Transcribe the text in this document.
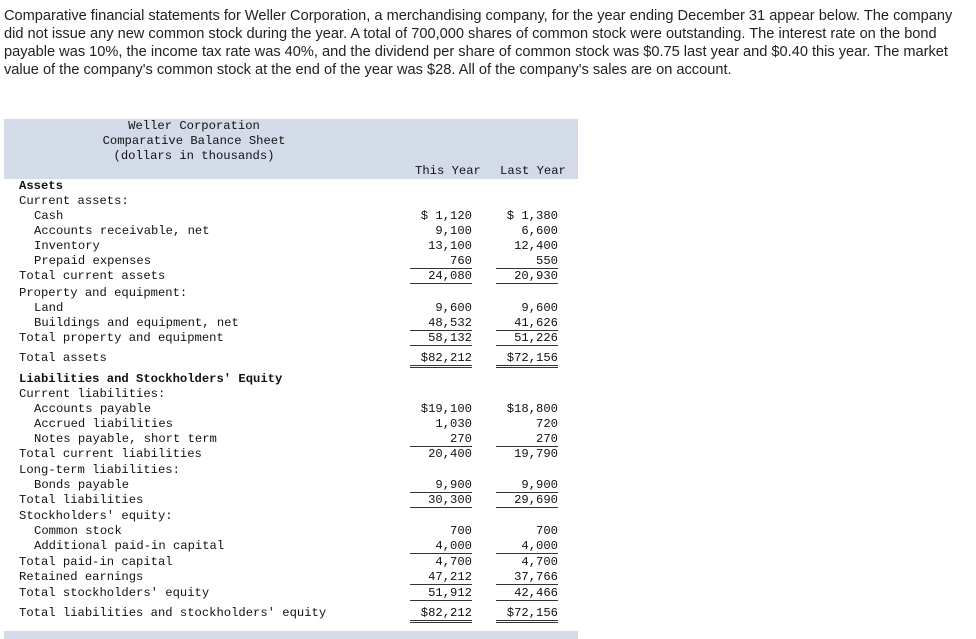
Comparative financial statements for Weller Corporation, a merchandising company, for the year ending December 31 appear below. The company did not issue any new common stock during the year. A total of 700,000 shares of common stock were outstanding. The interest rate on the bond payable was 10%, the income tax rate was 40%, and the dividend per share of common stock was $0.75 last year and $0.40 this year. The market value of the company's common stock at the end of the year was $28. All of the company's sales are on account.
Weller Corporation
Comparative Balance Sheet
(dollars in thousands)
This Year Last Year
Assets
Current assets:
Cash	$ 1,120	$ 1,380
Accounts receivable, net	9,100	6,600
Inventory	13,100	12,400
Prepaid expenses	760	550
Total current assets	24,080	20,930
Property and equipment:
Land	9,600	9,600
Buildings and equipment, net	48,532	41,626
Total property and equipment	58,132	51,226
Total assets	$82,212	$72,156
Liabilities and Stockholders' Equity
Current liabilities:
Accounts payable	$19,100	$18,800
Accrued liabilities	1,030	720
Notes payable, short term	270	270
Total current liabilities	20,400	19,790
Long-term liabilities:
Bonds payable	9,900	9,900
Total liabilities	30,300	29,690
Stockholders' equity:
Common stock	700	700
Additional paid-in capital	4,000	4,000
Total paid-in capital	4,700	4,700
Retained earnings	47,212	37,766
Total stockholders' equity	51,912	42,466
Total liabilities and stockholders' equity	$82,212	$72,156
